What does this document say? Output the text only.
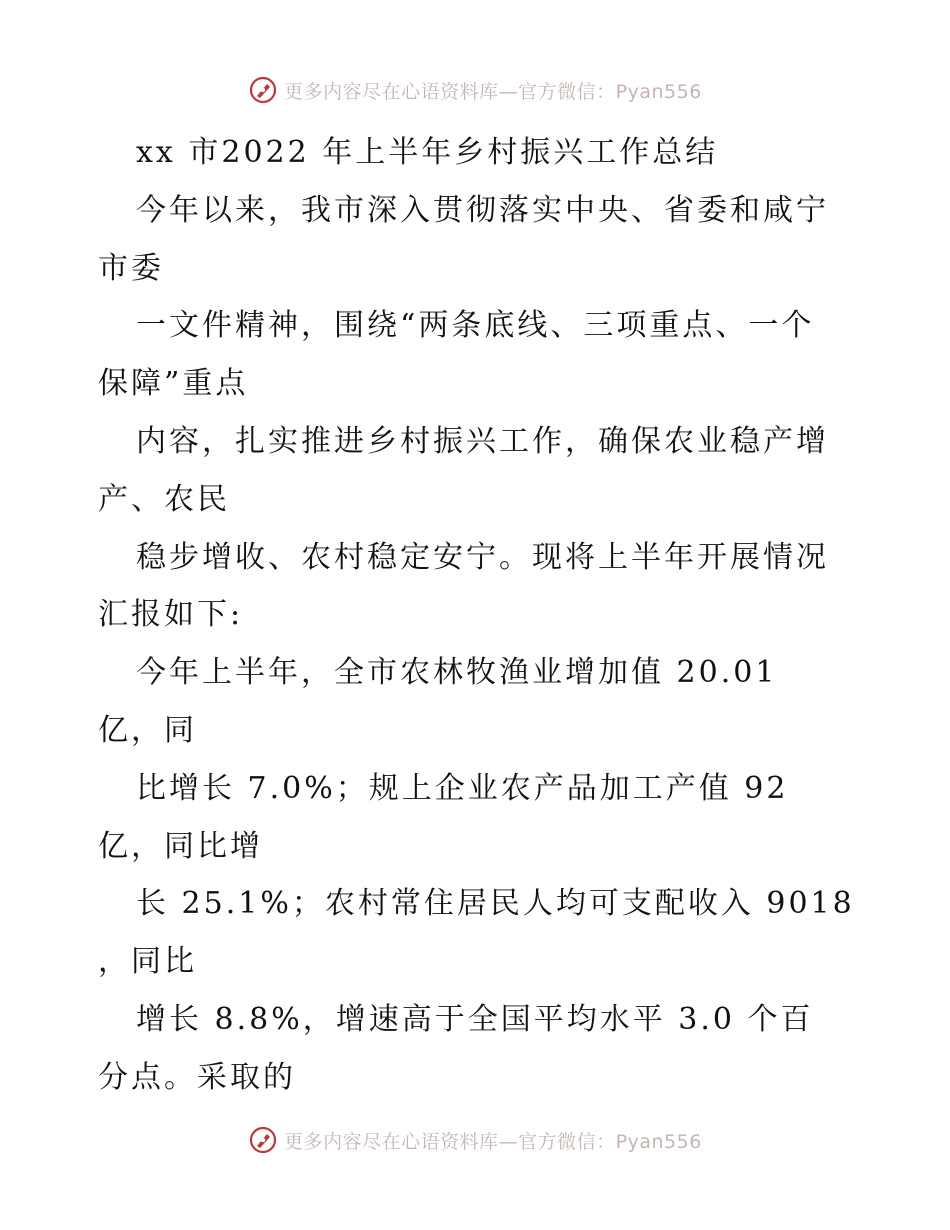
更多内容尽在心语资料库—官方微信：Pyan556
xx 市2022 年上半年乡村振兴工作总结
今年以来，我市深入贯彻落实中央、省委和咸宁
市委
一文件精神，围绕“两条底线、三项重点、一个
保障”重点
内容，扎实推进乡村振兴工作，确保农业稳产增
产、农民
稳步增收、农村稳定安宁。现将上半年开展情况
汇报如下:
今年上半年，全市农林牧渔业增加值 20.01
亿，同
比增长 7.0%；规上企业农产品加工产值 92
亿，同比增
长 25.1%；农村常住居民人均可支配收入 9018
，同比
增长 8.8%，增速高于全国平均水平 3.0 个百
分点。采取的
更多内容尽在心语资料库—官方微信：Pyan556
